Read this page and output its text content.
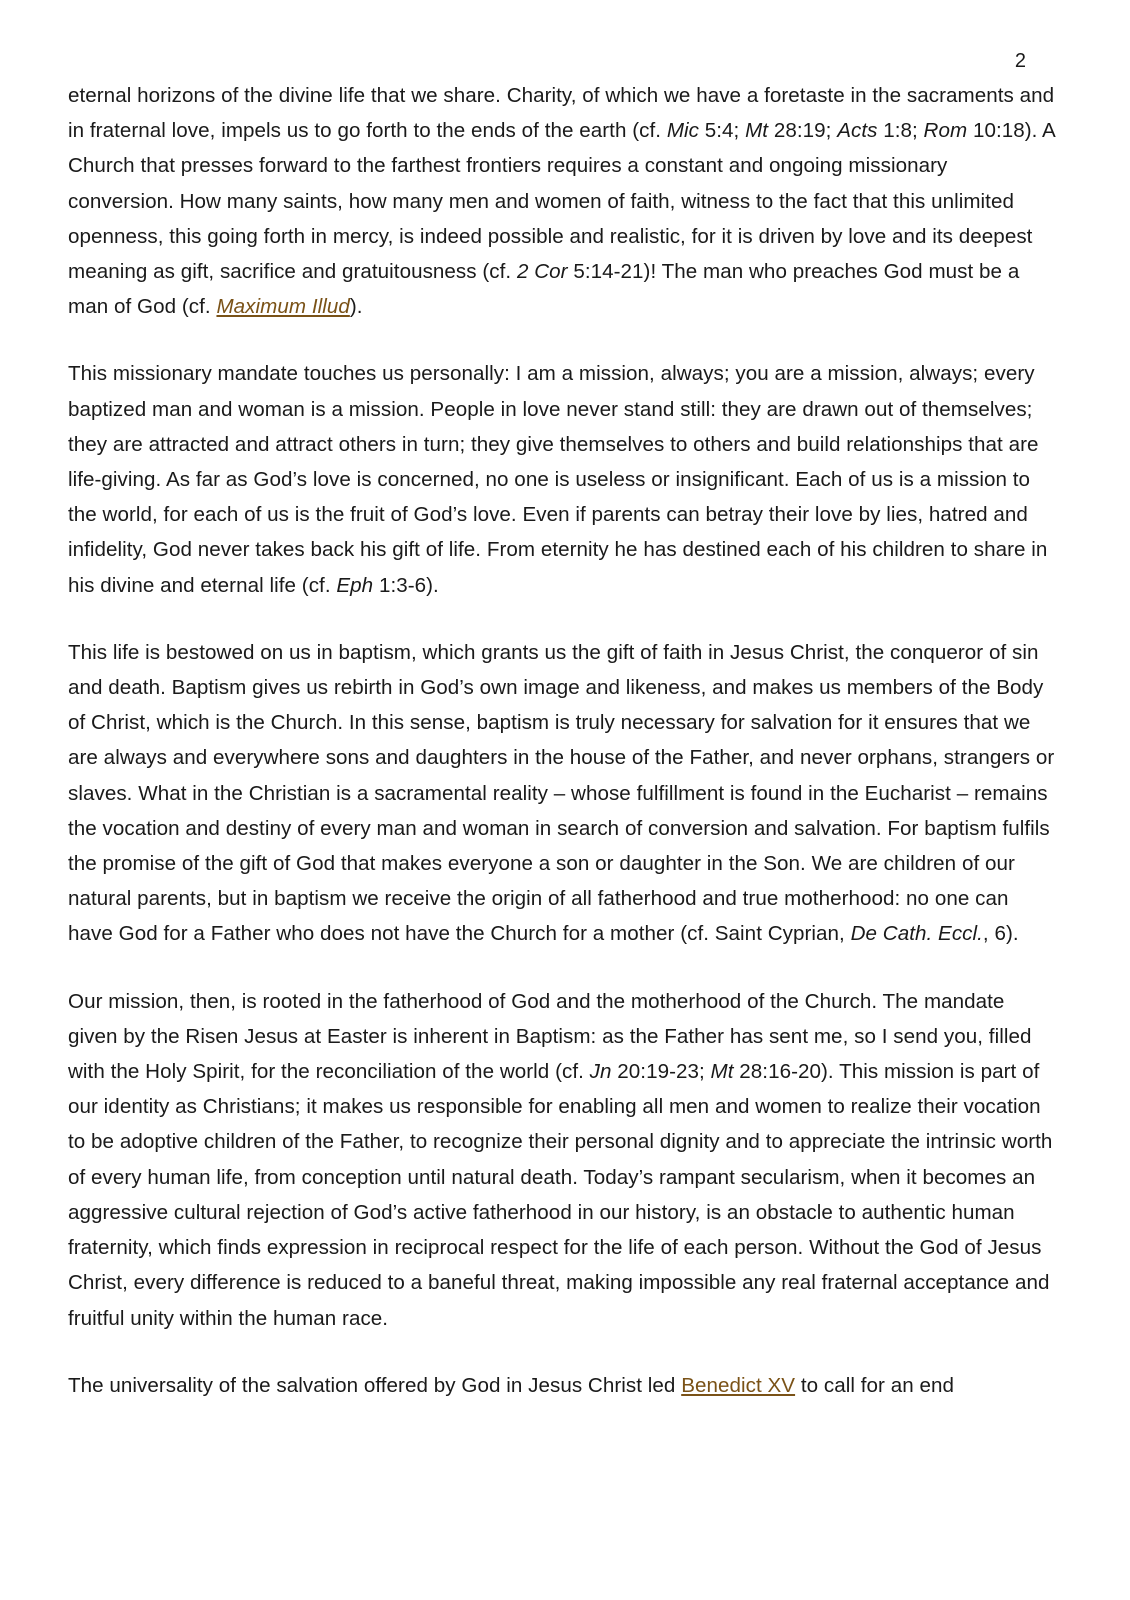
2

eternal horizons of the divine life that we share. Charity, of which we have a foretaste in the sacraments and in fraternal love, impels us to go forth to the ends of the earth (cf. Mic 5:4; Mt 28:19; Acts 1:8; Rom 10:18). A Church that presses forward to the farthest frontiers requires a constant and ongoing missionary conversion. How many saints, how many men and women of faith, witness to the fact that this unlimited openness, this going forth in mercy, is indeed possible and realistic, for it is driven by love and its deepest meaning as gift, sacrifice and gratuitousness (cf. 2 Cor 5:14-21)! The man who preaches God must be a man of God (cf. Maximum Illud).

This missionary mandate touches us personally: I am a mission, always; you are a mission, always; every baptized man and woman is a mission. People in love never stand still: they are drawn out of themselves; they are attracted and attract others in turn; they give themselves to others and build relationships that are life-giving. As far as God’s love is concerned, no one is useless or insignificant. Each of us is a mission to the world, for each of us is the fruit of God’s love. Even if parents can betray their love by lies, hatred and infidelity, God never takes back his gift of life. From eternity he has destined each of his children to share in his divine and eternal life (cf. Eph 1:3-6).

This life is bestowed on us in baptism, which grants us the gift of faith in Jesus Christ, the conqueror of sin and death. Baptism gives us rebirth in God’s own image and likeness, and makes us members of the Body of Christ, which is the Church. In this sense, baptism is truly necessary for salvation for it ensures that we are always and everywhere sons and daughters in the house of the Father, and never orphans, strangers or slaves. What in the Christian is a sacramental reality – whose fulfillment is found in the Eucharist – remains the vocation and destiny of every man and woman in search of conversion and salvation. For baptism fulfils the promise of the gift of God that makes everyone a son or daughter in the Son. We are children of our natural parents, but in baptism we receive the origin of all fatherhood and true motherhood: no one can have God for a Father who does not have the Church for a mother (cf. Saint Cyprian, De Cath. Eccl., 6).

Our mission, then, is rooted in the fatherhood of God and the motherhood of the Church. The mandate given by the Risen Jesus at Easter is inherent in Baptism: as the Father has sent me, so I send you, filled with the Holy Spirit, for the reconciliation of the world (cf. Jn 20:19-23; Mt 28:16-20). This mission is part of our identity as Christians; it makes us responsible for enabling all men and women to realize their vocation to be adoptive children of the Father, to recognize their personal dignity and to appreciate the intrinsic worth of every human life, from conception until natural death. Today’s rampant secularism, when it becomes an aggressive cultural rejection of God’s active fatherhood in our history, is an obstacle to authentic human fraternity, which finds expression in reciprocal respect for the life of each person. Without the God of Jesus Christ, every difference is reduced to a baneful threat, making impossible any real fraternal acceptance and fruitful unity within the human race.

The universality of the salvation offered by God in Jesus Christ led Benedict XV to call for an end
